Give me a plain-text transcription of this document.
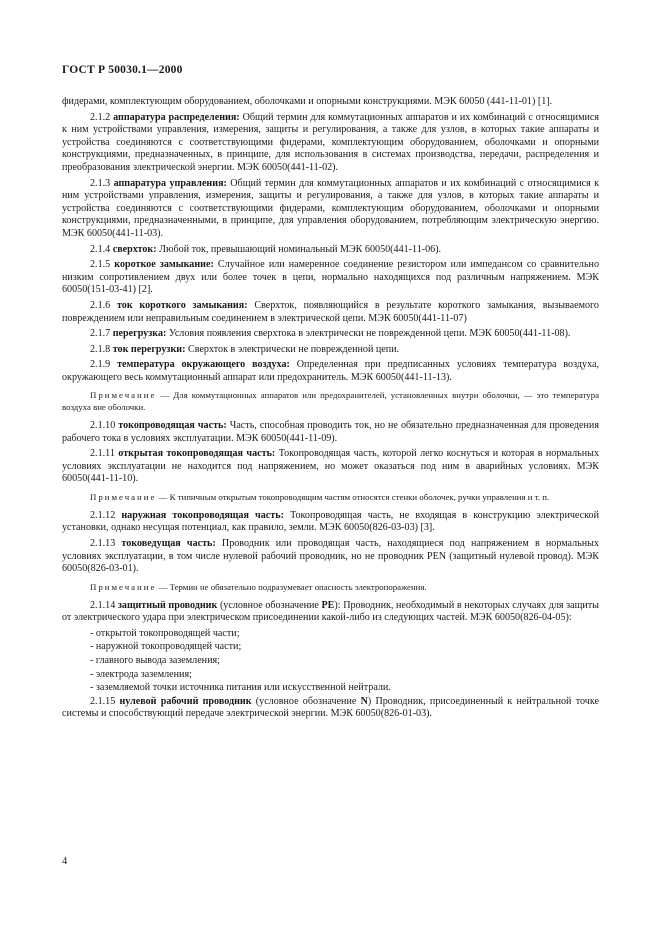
ГОСТ Р 50030.1—2000

фидерами, комплектующим оборудованием, оболочками и опорными конструкциями. МЭК 60050 (441-11-01) [1].

2.1.2 аппаратура распределения: Общий термин для коммутационных аппаратов и их комбинаций с относящимися к ним устройствами управления, измерения, защиты и регулирования, а также для узлов, в которых такие аппараты и устройства соединяются с соответствующими фидерами, комплектующим оборудованием, оболочками и опорными конструкциями, предназначенных, в принципе, для использования в системах производства, передачи, распределения и преобразования электрической энергии. МЭК 60050(441-11-02).

2.1.3 аппаратура управления: Общий термин для коммутационных аппаратов и их комбинаций с относящимися к ним устройствами управления, измерения, защиты и регулирования, а также для узлов, в которых такие аппараты и устройства соединяются с соответствующими фидерами, комплектующим оборудованием, оболочками и опорными конструкциями, предназначенными, в принципе, для управления оборудованием, потребляющим электрическую энергию. МЭК 60050(441-11-03).

2.1.4 сверхток: Любой ток, превышающий номинальный МЭК 60050(441-11-06).

2.1.5 короткое замыкание: Случайное или намеренное соединение резистором или импедансом со сравнительно низким сопротивлением двух или более точек в цепи, нормально находящихся под различным напряжением. МЭК 60050(151-03-41) [2].

2.1.6 ток короткого замыкания: Сверхток, появляющийся в результате короткого замыкания, вызываемого повреждением или неправильным соединением в электрической цепи. МЭК 60050(441-11-07)

2.1.7 перегрузка: Условия появления сверхтока в электрически не поврежденной цепи. МЭК 60050(441-11-08).

2.1.8 ток перегрузки: Сверхток в электрически не поврежденной цепи.

2.1.9 температура окружающего воздуха: Определенная при предписанных условиях температура воздуха, окружающего весь коммутационный аппарат или предохранитель. МЭК 60050(441-11-13).

Примечание — Для коммутационных аппаратов или предохранителей, установленных внутри оболочки, — это температура воздуха вне оболочки.

2.1.10 токопроводящая часть: Часть, способная проводить ток, но не обязательно предназначенная для проведения рабочего тока в условиях эксплуатации. МЭК 60050(441-11-09).

2.1.11 открытая токопроводящая часть: Токопроводящая часть, которой легко коснуться и которая в нормальных условиях эксплуатации не находится под напряжением, но может оказаться под ним в аварийных условиях. МЭК 60050(441-11-10).

Примечание — К типичным открытым токопроводящим частям относятся стенки оболочек, ручки управления и т. п.

2.1.12 наружная токопроводящая часть: Токопроводящая часть, не входящая в конструкцию электрической установки, однако несущая потенциал, как правило, земли. МЭК 60050(826-03-03) [3].

2.1.13 токоведущая часть: Проводник или проводящая часть, находящиеся под напряжением в нормальных условиях эксплуатации, в том числе нулевой рабочий проводник, но не проводник PEN (защитный нулевой провод). МЭК 60050(826-03-01).

Примечание — Термин не обязательно подразумевает опасность электропоражения.

2.1.14 защитный проводник (условное обозначение PE): Проводник, необходимый в некоторых случаях для защиты от электрического удара при электрическом присоединении какой-либо из следующих частей. МЭК 60050(826-04-05):

- открытой токопроводящей части;
- наружной токопроводящей части;
- главного вывода заземления;
- электрода заземления;
- заземляемой точки источника питания или искусственной нейтрали.

2.1.15 нулевой рабочий проводник (условное обозначение N) Проводник, присоединенный к нейтральной точке системы и способствующий передаче электрической энергии. МЭК 60050(826-01-03).

4
